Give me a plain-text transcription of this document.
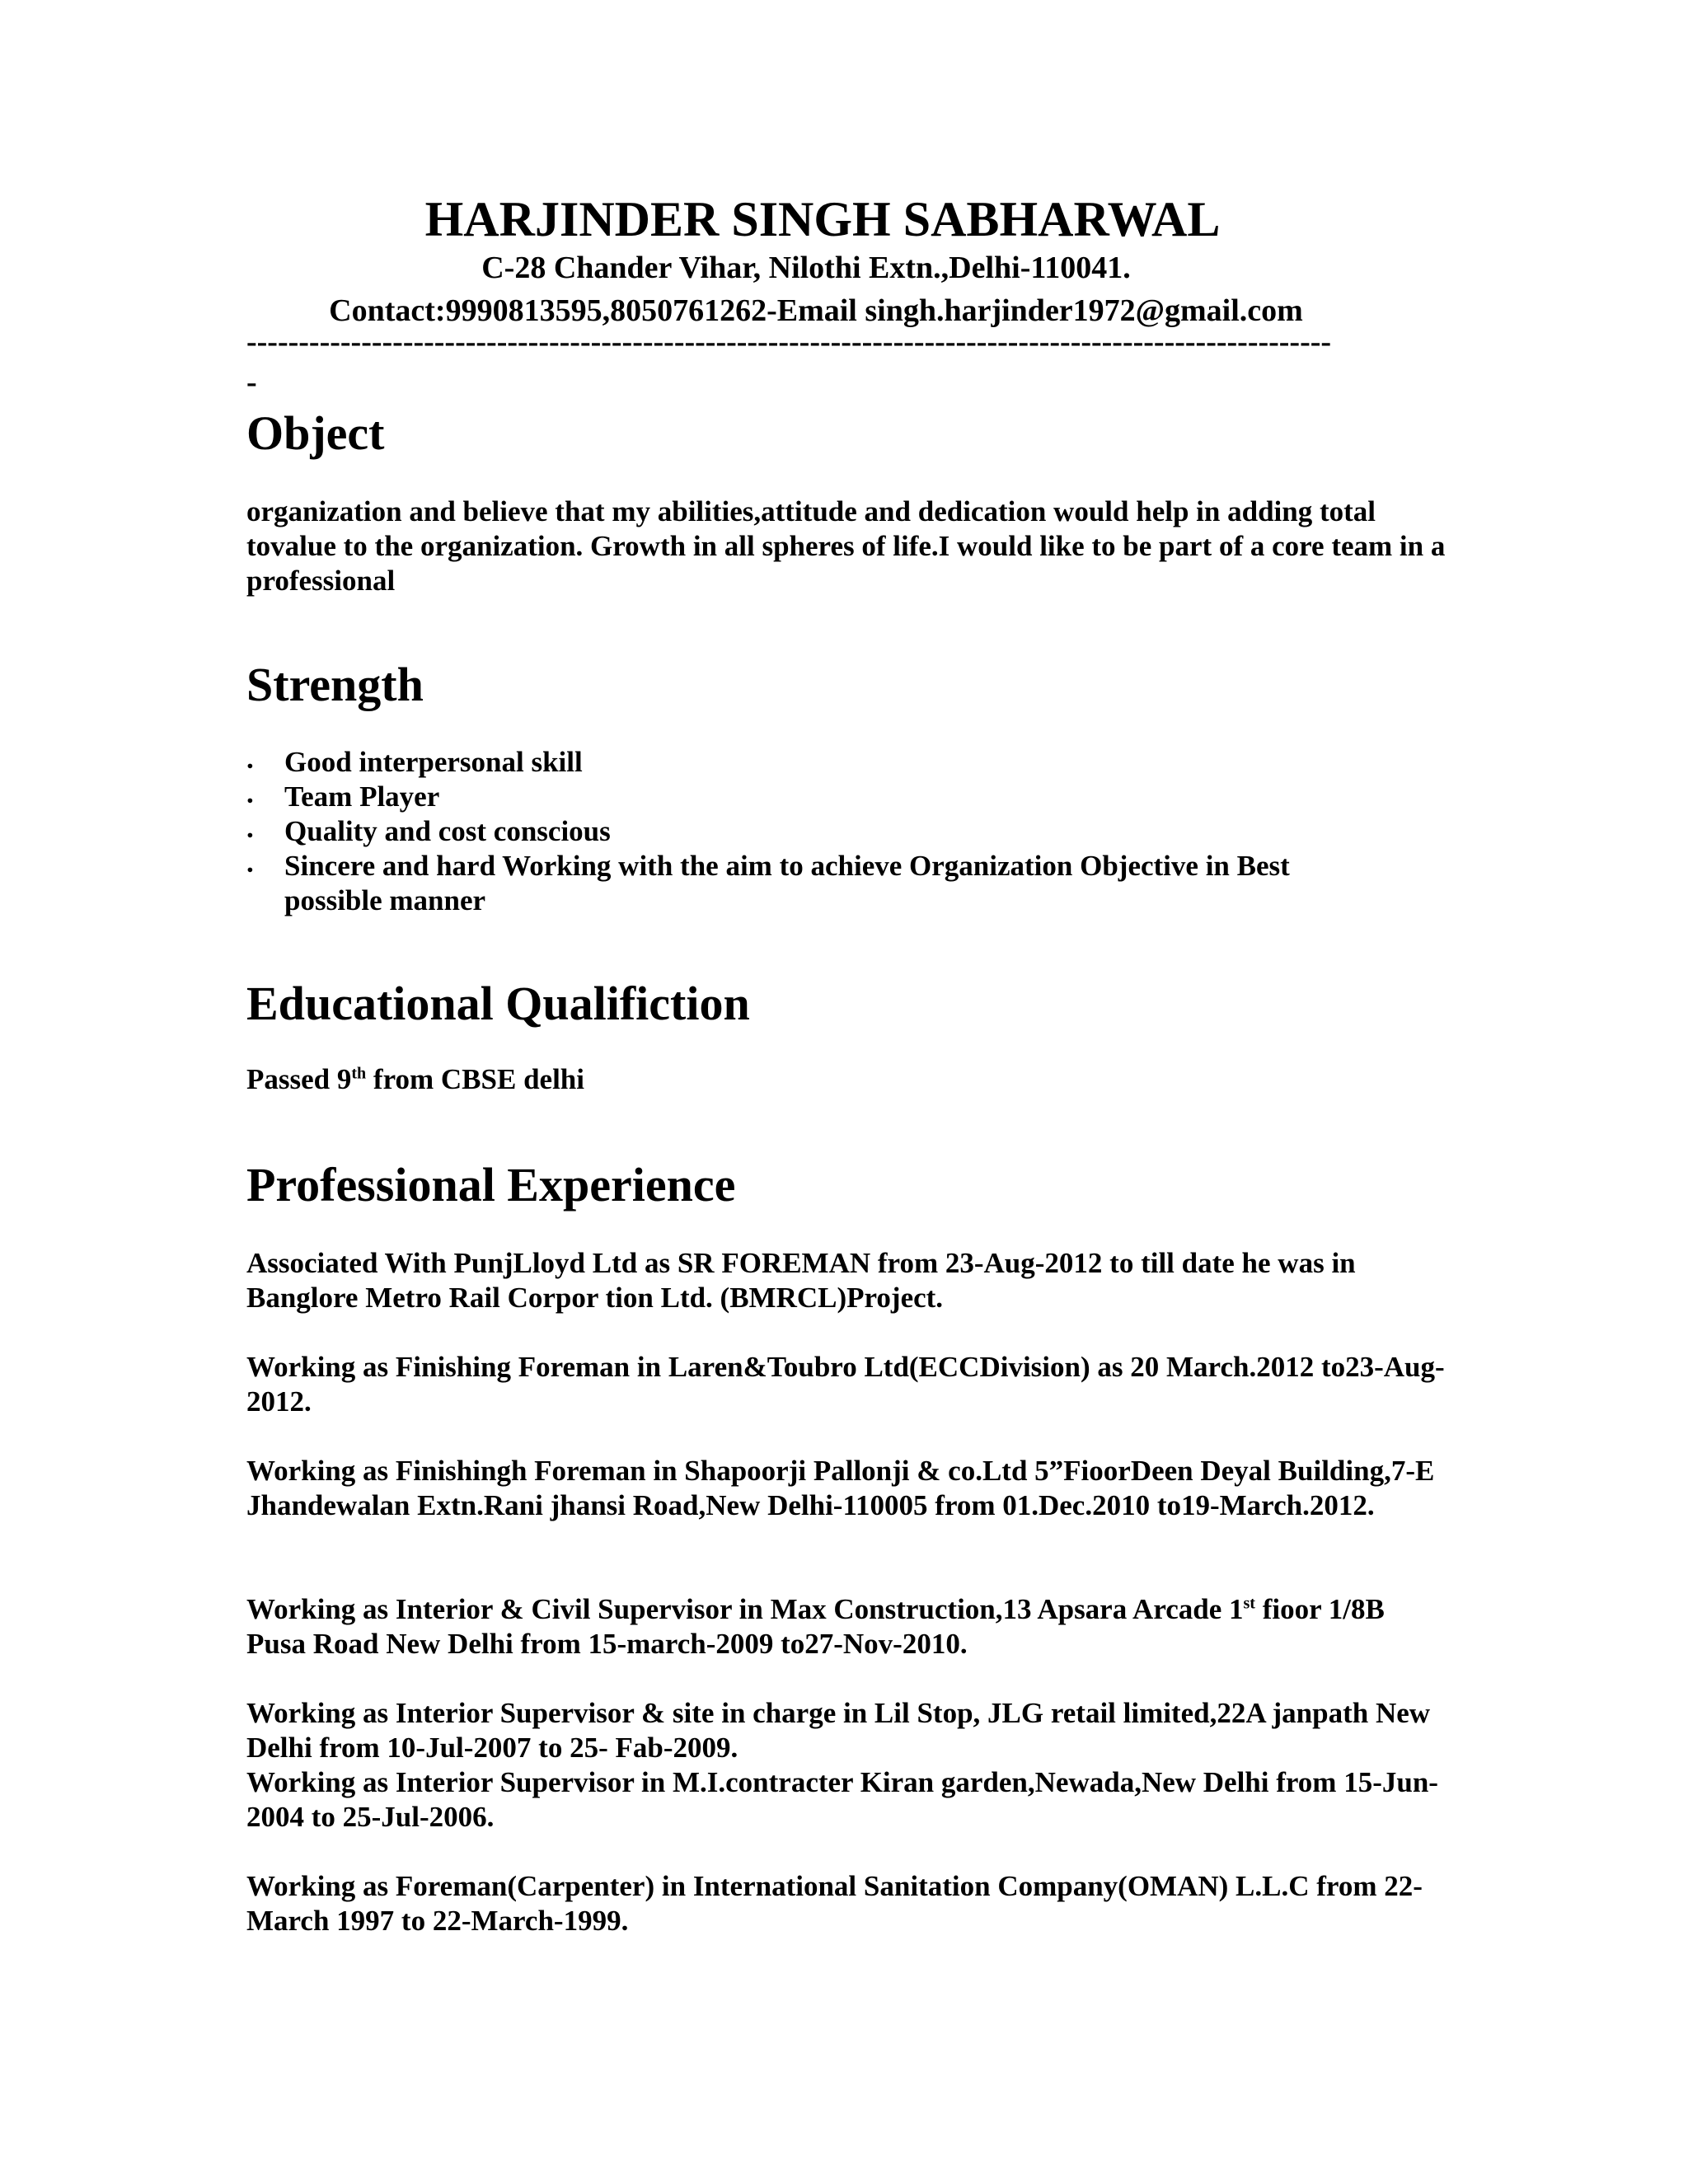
HARJINDER SINGH SABHARWAL
C-28 Chander Vihar, Nilothi Extn.,Delhi-110041.
Contact:9990813595,8050761262-Email singh.harjinder1972@gmail.com
--------------------------------------------------------------------------------------------------------
-
Object
organization and believe that my abilities,attitude and dedication would help in adding total tovalue to the organization. Growth in all spheres of life.I would like to be part of a core team in a professional
Strength
. Good interpersonal skill
. Team Player
. Quality and cost conscious
. Sincere and hard Working with the aim to achieve Organization Objective in Best possible manner
Educational Qualifiction
Passed 9th from CBSE delhi
Professional Experience

Associated With PunjLloyd Ltd as SR FOREMAN from 23-Aug-2012 to till date he was in Banglore Metro Rail Corpor tion Ltd. (BMRCL)Project.

Working as Finishing Foreman in Laren&Toubro Ltd(ECCDivision) as 20 March.2012 to23-Aug-2012.

Working as Finishingh Foreman in Shapoorji Pallonji & co.Ltd 5”FioorDeen Deyal Building,7-E Jhandewalan Extn.Rani jhansi Road,New Delhi-110005 from 01.Dec.2010 to19-March.2012.

Working as Interior & Civil Supervisor in Max Construction,13 Apsara Arcade 1st fioor 1/8B Pusa Road New Delhi from 15-march-2009 to27-Nov-2010.

Working as Interior Supervisor & site in charge in Lil Stop, JLG retail limited,22A janpath New Delhi from 10-Jul-2007 to 25- Fab-2009.

Working as Interior Supervisor in M.I.contracter Kiran garden,Newada,New Delhi from 15-Jun-2004 to 25-Jul-2006.

Working as Foreman(Carpenter) in International Sanitation Company(OMAN) L.L.C from 22-March 1997 to 22-March-1999.
